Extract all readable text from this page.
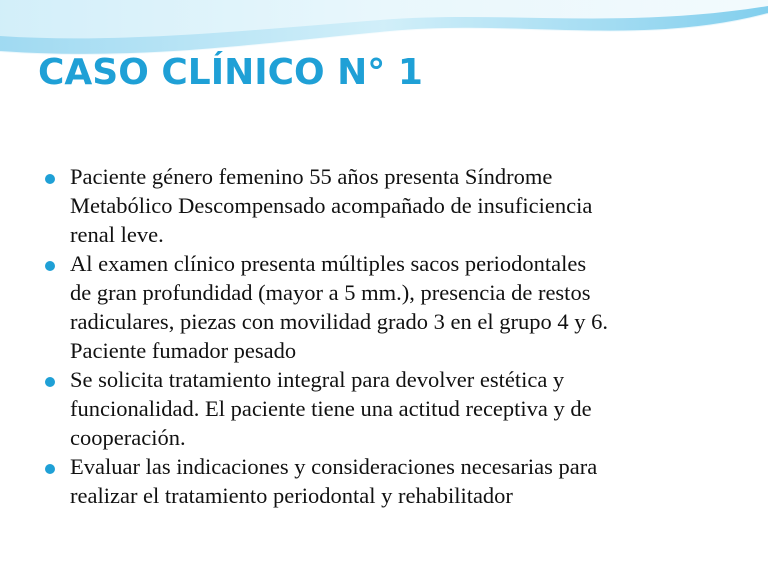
CASO CLÍNICO N° 1
Paciente género femenino 55 años presenta Síndrome
Metabólico Descompensado acompañado de insuficiencia
renal leve.
Al examen clínico presenta múltiples sacos periodontales
de gran profundidad (mayor a 5 mm.), presencia de restos
radiculares, piezas con movilidad grado 3 en el grupo 4 y 6.
Paciente fumador pesado
Se solicita tratamiento integral para devolver estética y
funcionalidad. El paciente tiene una actitud receptiva y de
cooperación.
Evaluar las indicaciones y consideraciones necesarias para
realizar el tratamiento periodontal y rehabilitador
